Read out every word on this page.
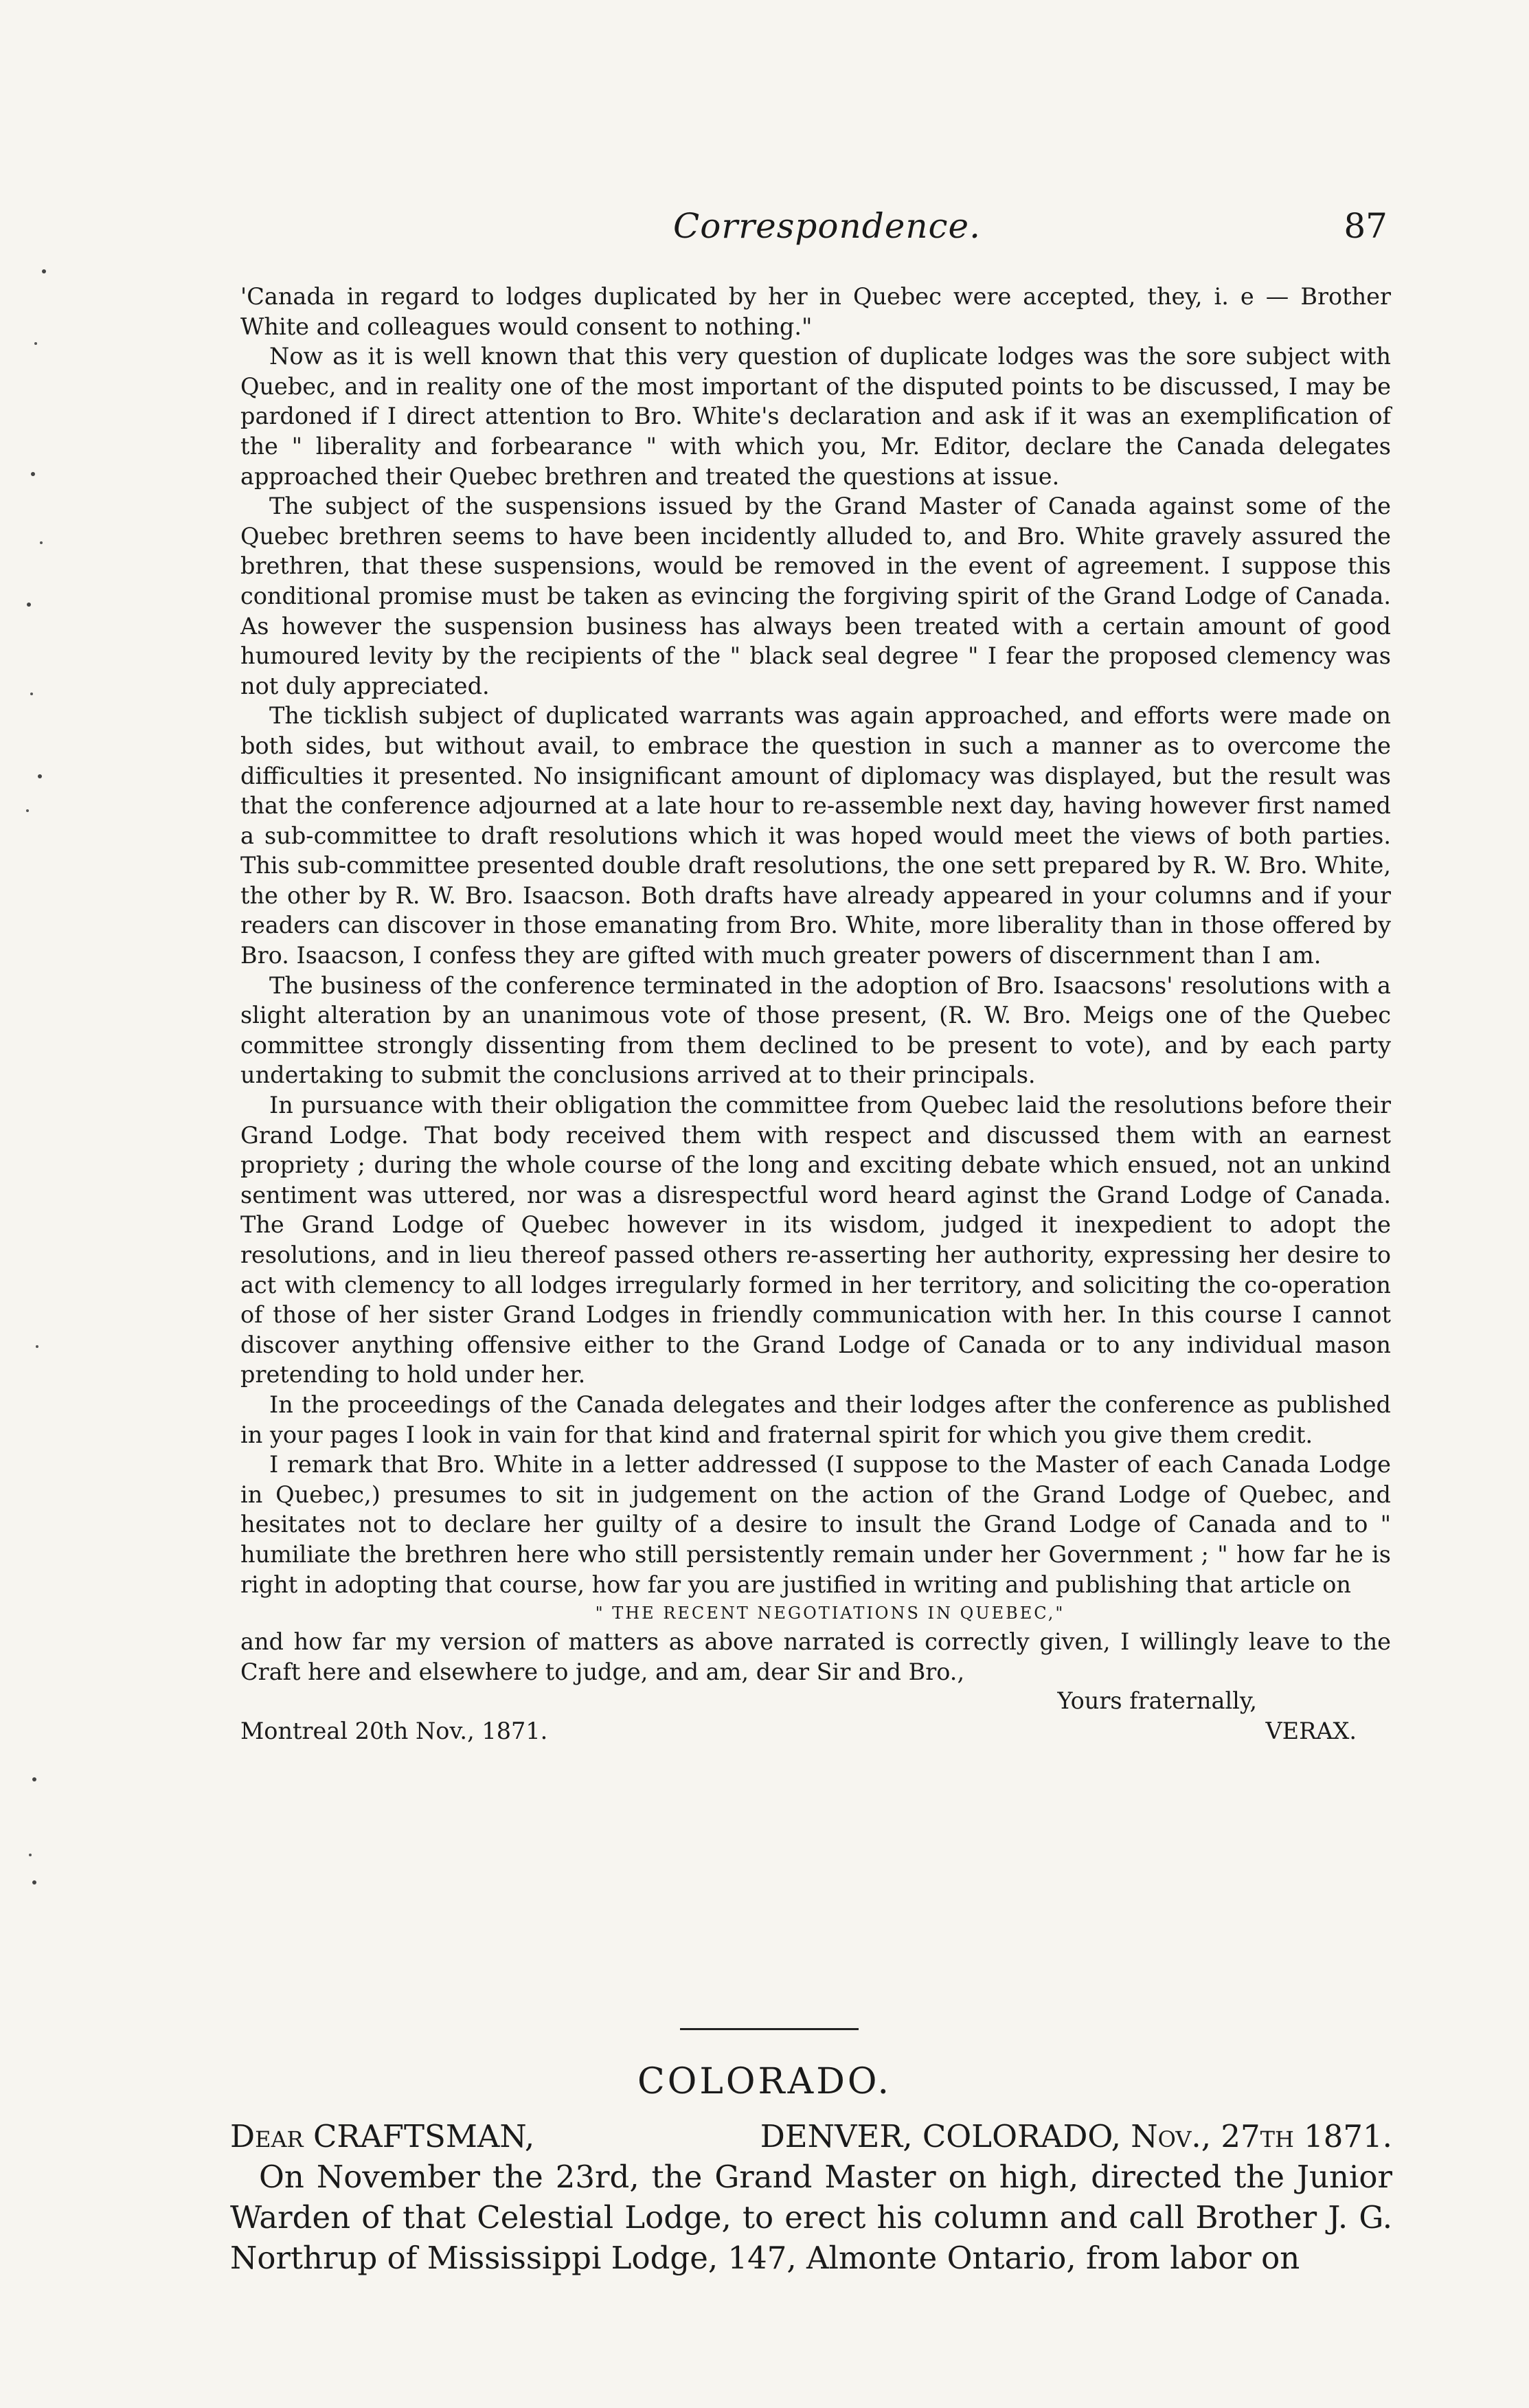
Correspondence.	87

'Canada in regard to lodges duplicated by her in Quebec were accepted, they, i. e — Brother White and colleagues would consent to nothing."

Now as it is well known that this very question of duplicate lodges was the sore subject with Quebec, and in reality one of the most important of the disputed points to be discussed, I may be pardoned if I direct attention to Bro. White's declaration and ask if it was an exemplification of the " liberality and forbearance " with which you, Mr. Editor, declare the Canada delegates approached their Quebec brethren and treated the questions at issue.

The subject of the suspensions issued by the Grand Master of Canada against some of the Quebec brethren seems to have been incidently alluded to, and Bro. White gravely assured the brethren, that these suspensions, would be removed in the event of agreement. I suppose this conditional promise must be taken as evincing the forgiving spirit of the Grand Lodge of Canada. As however the suspension business has always been treated with a certain amount of good humoured levity by the recipients of the " black seal degree " I fear the proposed clemency was not duly appreciated.

The ticklish subject of duplicated warrants was again approached, and efforts were made on both sides, but without avail, to embrace the question in such a manner as to overcome the difficulties it presented. No insignificant amount of diplomacy was displayed, but the result was that the conference adjourned at a late hour to re-assemble next day, having however first named a sub-committee to draft resolutions which it was hoped would meet the views of both parties. This sub-committee presented double draft resolutions, the one sett prepared by R. W. Bro. White, the other by R. W. Bro. Isaacson. Both drafts have already appeared in your columns and if your readers can discover in those emanating from Bro. White, more liberality than in those offered by Bro. Isaacson, I confess they are gifted with much greater powers of discernment than I am.

The business of the conference terminated in the adoption of Bro. Isaacsons' resolutions with a slight alteration by an unanimous vote of those present, (R. W. Bro. Meigs one of the Quebec committee strongly dissenting from them declined to be present to vote), and by each party undertaking to submit the conclusions arrived at to their principals.

In pursuance with their obligation the committee from Quebec laid the resolutions before their Grand Lodge. That body received them with respect and discussed them with an earnest propriety ; during the whole course of the long and exciting debate which ensued, not an unkind sentiment was uttered, nor was a disrespectful word heard aginst the Grand Lodge of Canada. The Grand Lodge of Quebec however in its wisdom, judged it inexpedient to adopt the resolutions, and in lieu thereof passed others re-asserting her authority, expressing her desire to act with clemency to all lodges irregularly formed in her territory, and soliciting the co-operation of those of her sister Grand Lodges in friendly communication with her. In this course I cannot discover anything offensive either to the Grand Lodge of Canada or to any individual mason pretending to hold under her.

In the proceedings of the Canada delegates and their lodges after the conference as published in your pages I look in vain for that kind and fraternal spirit for which you give them credit.

I remark that Bro. White in a letter addressed (I suppose to the Master of each Canada Lodge in Quebec,) presumes to sit in judgement on the action of the Grand Lodge of Quebec, and hesitates not to declare her guilty of a desire to insult the Grand Lodge of Canada and to " humiliate the brethren here who still persistently remain under her Government ; " how far he is right in adopting that course, how far you are justified in writing and publishing that article on

" THE RECENT NEGOTIATIONS IN QUEBEC,"

and how far my version of matters as above narrated is correctly given, I willingly leave to the Craft here and elsewhere to judge, and am, dear Sir and Bro.,

Yours fraternally,
Montreal 20th Nov., 1871.	VERAX.
COLORADO.
Dear CRAFTSMAN,	DENVER, COLORADO, Nov., 27th 1871.

On November the 23rd, the Grand Master on high, directed the Junior Warden of that Celestial Lodge, to erect his column and call Brother J. G. Northrup of Mississippi Lodge, 147, Almonte Ontario, from labor on
